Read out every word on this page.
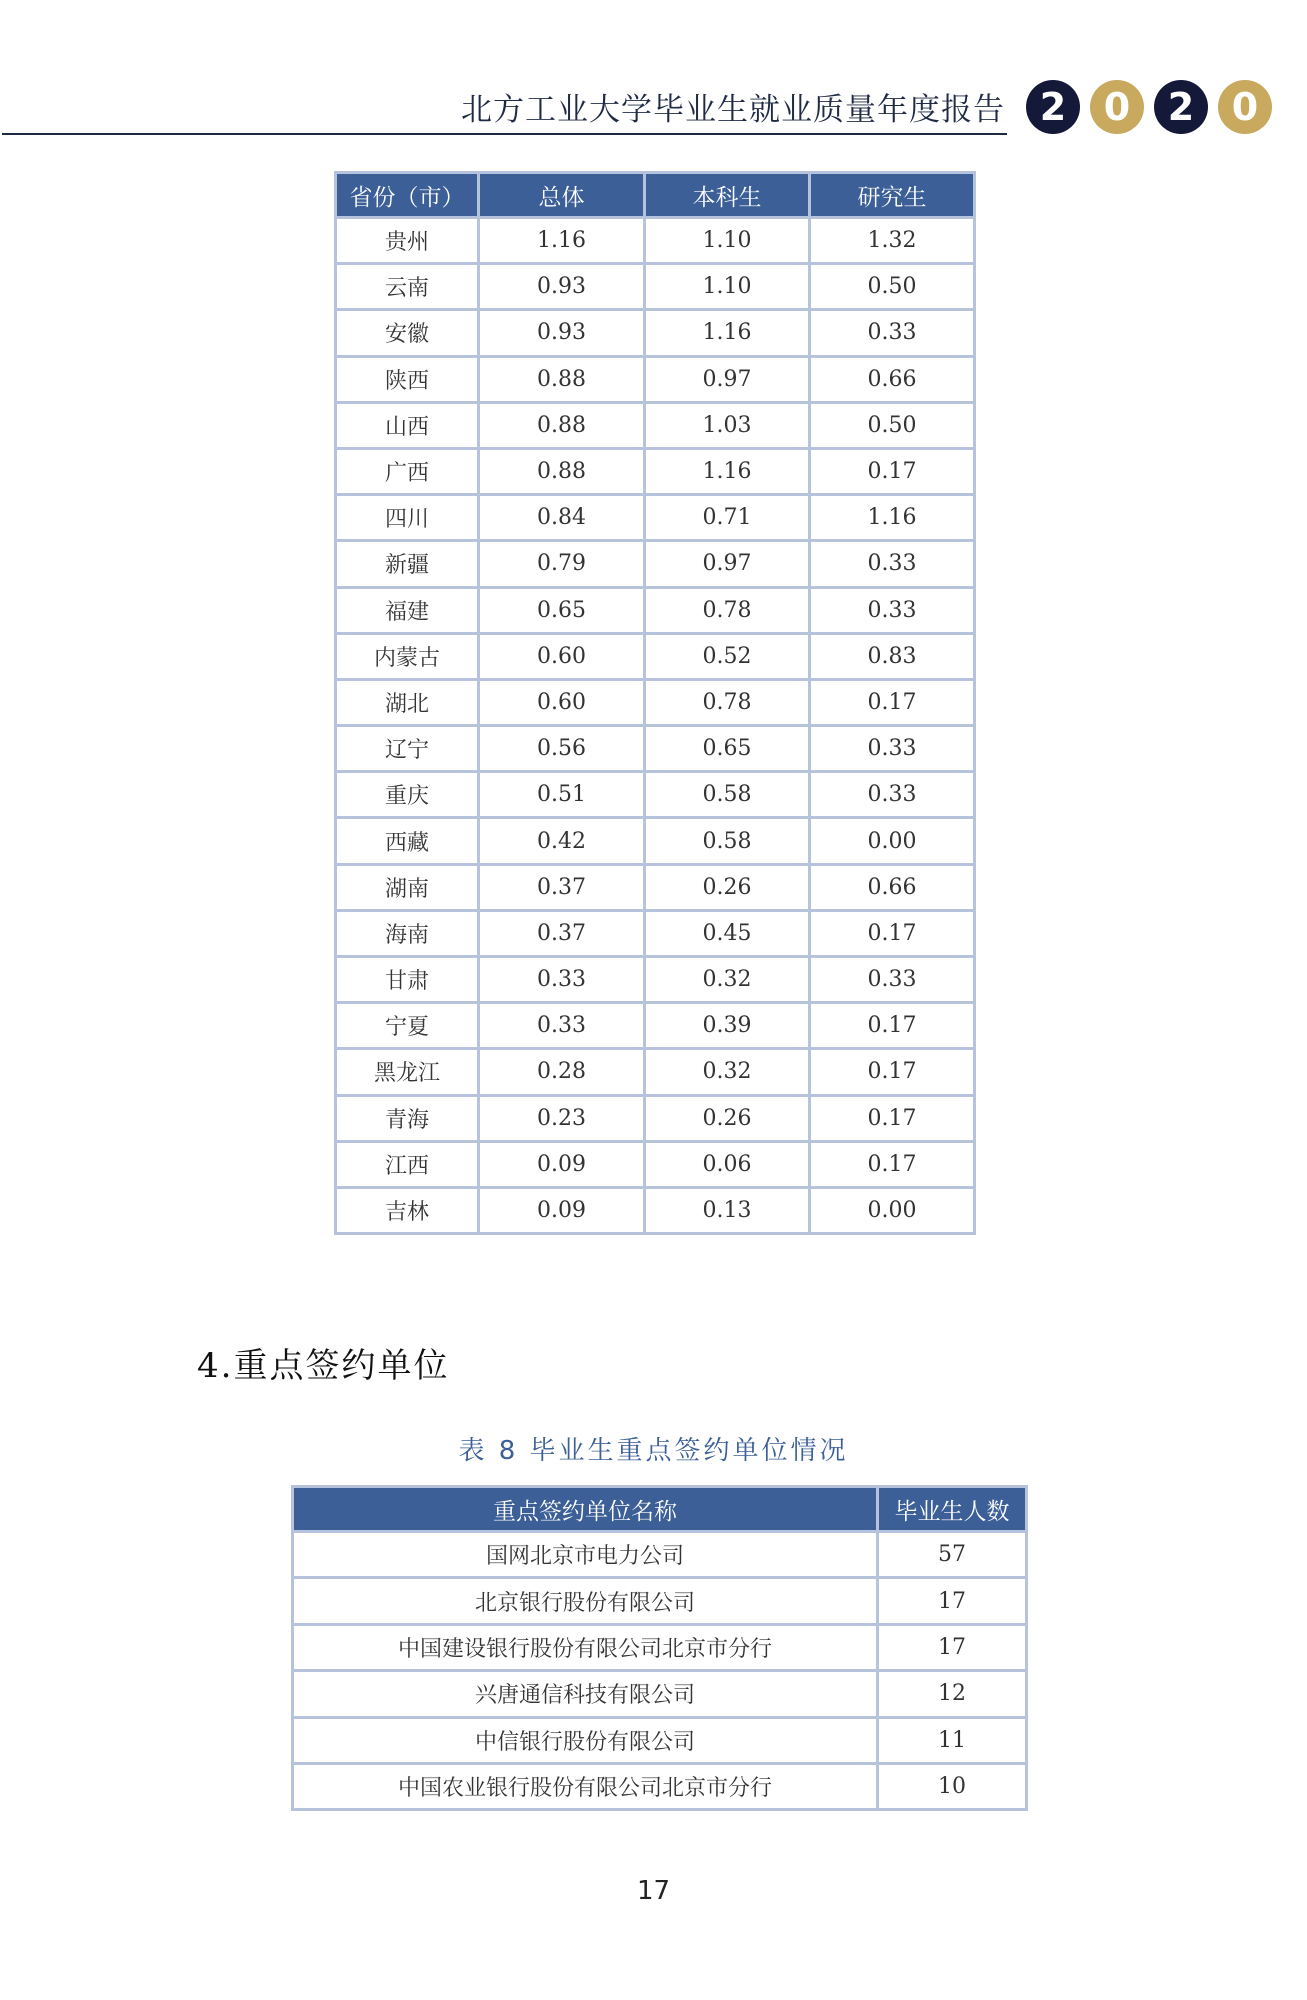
北方工业大学毕业生就业质量年度报告 2 0 2 0
省份（市）	总体	本科生	研究生
贵州	1.16	1.10	1.32
云南	0.93	1.10	0.50
安徽	0.93	1.16	0.33
陕西	0.88	0.97	0.66
山西	0.88	1.03	0.50
广西	0.88	1.16	0.17
四川	0.84	0.71	1.16
新疆	0.79	0.97	0.33
福建	0.65	0.78	0.33
内蒙古	0.60	0.52	0.83
湖北	0.60	0.78	0.17
辽宁	0.56	0.65	0.33
重庆	0.51	0.58	0.33
西藏	0.42	0.58	0.00
湖南	0.37	0.26	0.66
海南	0.37	0.45	0.17
甘肃	0.33	0.32	0.33
宁夏	0.33	0.39	0.17
黑龙江	0.28	0.32	0.17
青海	0.23	0.26	0.17
江西	0.09	0.06	0.17
吉林	0.09	0.13	0.00
4.重点签约单位
表 8 毕业生重点签约单位情况
重点签约单位名称	毕业生人数
国网北京市电力公司	57
北京银行股份有限公司	17
中国建设银行股份有限公司北京市分行	17
兴唐通信科技有限公司	12
中信银行股份有限公司	11
中国农业银行股份有限公司北京市分行	10
17
